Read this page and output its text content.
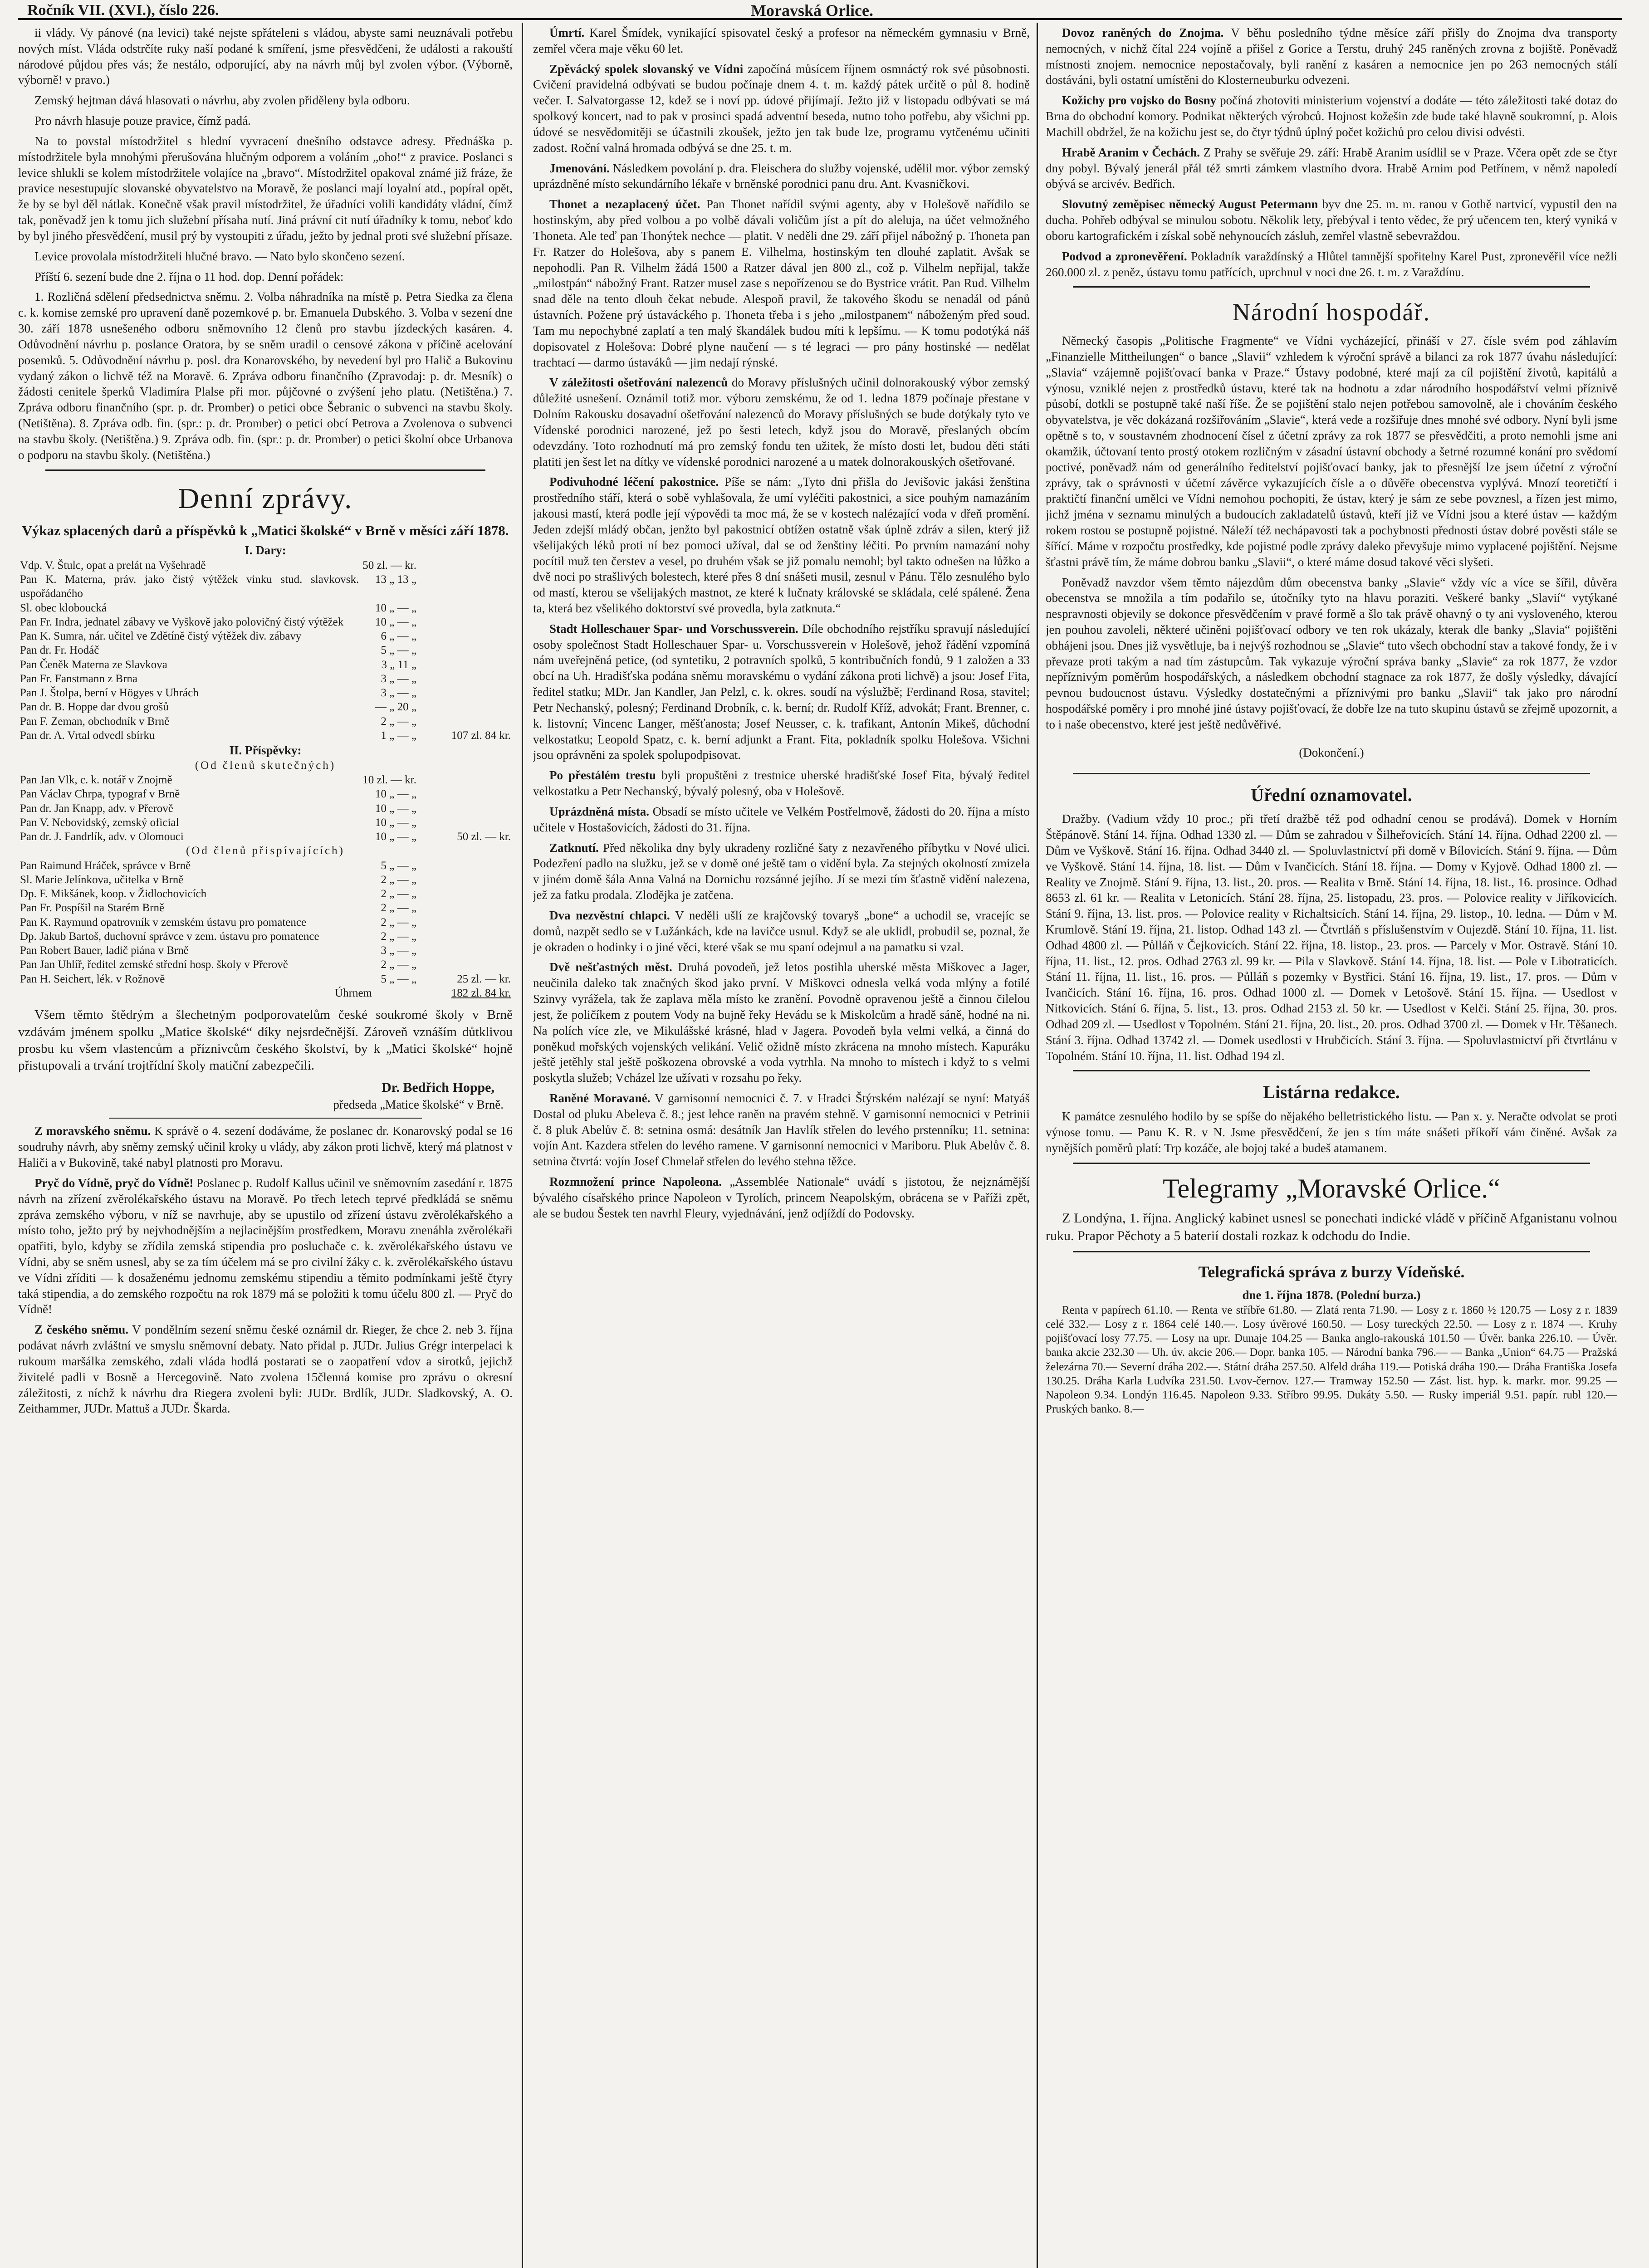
Ročník VII. (XVI.), číslo 226.	Moravská Orlice.

ii vlády. Vy pánové (na levici) také nejste spřáteleni s vládou, abyste sami neuznávali potřebu nových míst. Vláda odstrčíte ruky naší podané k smíření, jsme přesvědčeni, že události a rakouští národové půjdou přes vás; že nestálo, odporující, aby na návrh můj byl zvolen výbor. (Výborně, výborně! v pravo.)

Zemský hejtman dává hlasovati o návrhu, aby zvolen přiděleny byla odboru.

Pro návrh hlasuje pouze pravice, čímž padá.

Na to povstal místodržitel s hlední vyvracení dnešního odstavce adresy. Přednáška p. místodržitele byla mnohými přerušována hlučným odporem a voláním „oho!“ z pravice. Poslanci s levice shlukli se kolem místodržitele volajíce na „bravo“. Místodržitel opakoval známé již fráze, že pravice nesestupujíc slovanské obyvatelstvo na Moravě, že poslanci mají loyalní atd., popíral opět, že by se byl děl nátlak. Konečně však pravil místodržitel, že úřadníci volili kandidáty vládní, čímž tak, poněvadž jen k tomu jich služební přísaha nutí. Jiná právní cit nutí úřadníky k tomu, neboť kdo by byl jiného přesvědčení, musil prý by vystoupiti z úřadu, ježto by jednal proti své služební přísaze.

Levice provolala místodržiteli hlučné bravo. — Nato bylo skončeno sezení.

Příští 6. sezení bude dne 2. října o 11 hod. dop. Denní pořádek:

1. Rozličná sdělení předsednictva sněmu. 2. Volba náhradníka na místě p. Petra Siedka za člena c. k. komise zemské pro upravení daně pozemkové p. br. Emanuela Dubského. 3. Volba v sezení dne 30. září 1878 usnešeného odboru sněmovního 12 členů pro stavbu jízdeckých kasáren. 4. Odůvodnění návrhu p. poslance Oratora, by se sněm uradil o censové zákona v příčině acelování posemků. 5. Odůvodnění návrhu p. posl. dra Konarovského, by nevedení byl pro Halič a Bukovinu vydaný zákon o lichvě též na Moravě. 6. Zpráva odboru finančního (Zpravodaj: p. dr. Mesník) o žádosti cenitele šperků Vladimíra Plalse při mor. půjčovné o zvýšení jeho platu. (Netištěna.) 7. Zpráva odboru finančního (spr. p. dr. Promber) o petici obce Šebranic o subvenci na stavbu školy. (Netištěna). 8. Zpráva odb. fin. (spr.: p. dr. Promber) o petici obcí Petrova a Zvolenova o subvenci na stavbu školy. (Netištěna.) 9. Zpráva odb. fin. (spr.: p. dr. Promber) o petici školní obce Urbanova o podporu na stavbu školy. (Netištěna.)

Denní zprávy.
Výkaz splacených darů a příspěvků k „Matici školské“ v Brně v měsíci září 1878.
I. Dary:
Vdp. V. Štulc, opat a prelát na Vyšehradě	50 zl. — kr.	
Pan K. Materna, práv. jako čistý výtěžek vinku stud. slavkovsk. uspořádaného	13 „ 13 „	
Sl. obec kloboucká	10 „ — „	
Pan Fr. Indra, jednatel zábavy ve Vyškově jako polovičný čistý výtěžek	10 „ — „	
Pan K. Sumra, nár. učitel ve Zdětíně čistý výtěžek div. zábavy	6 „ — „	
Pan dr. Fr. Hodáč	5 „ — „	
Pan Čeněk Materna ze Slavkova	3 „ 11 „	
Pan Fr. Fanstmann z Brna	3 „ — „	
Pan J. Štolpa, berní v Högyes v Uhrách	3 „ — „	
Pan dr. B. Hoppe dar dvou grošů	— „ 20 „	
Pan F. Zeman, obchodník v Brně	2 „ — „	
Pan dr. A. Vrtal odvedl sbírku	1 „ — „	107 zl. 84 kr.
II. Příspěvky:
(Od členů skutečných)
Pan Jan Vlk, c. k. notář v Znojmě	10 zl. — kr.	
Pan Václav Chrpa, typograf v Brně	10 „ — „	
Pan dr. Jan Knapp, adv. v Přerově	10 „ — „	
Pan V. Nebovidský, zemský oficial	10 „ — „	
Pan dr. J. Fandrlík, adv. v Olomouci	10 „ — „	50 zl. — kr.
(Od členů přispívajících)
Pan Raimund Hráček, správce v Brně	5 „ — „	
Sl. Marie Jelínkova, učitelka v Brně	2 „ — „	
Dp. F. Mikšánek, koop. v Židlochovicích	2 „ — „	
Pan Fr. Pospíšil na Starém Brně	2 „ — „	
Pan K. Raymund opatrovník v zemském ústavu pro pomatence	2 „ — „	
Dp. Jakub Bartoš, duchovní správce v zem. ústavu pro pomatence	2 „ — „	
Pan Robert Bauer, ladič piána v Brně	3 „ — „	
Pan Jan Uhlíř, ředitel zemské střední hosp. školy v Přerově	2 „ — „	
Pan H. Seichert, lék. v Rožnově	5 „ — „	25 zl. — kr.
Úhrnem		182 zl. 84 kr.

Všem těmto štědrým a šlechetným podporovatelům české soukromé školy v Brně vzdávám jménem spolku „Matice školské“ díky nejsrdečnější. Zároveň vznáším důtklivou prosbu ku všem vlastencům a příznivcům českého školství, by k „Matici školské“ hojně přistupovali a trvání trojtřídní školy matiční zabezpečili.

Dr. Bedřich Hoppe,
předseda „Matice školské“ v Brně.

Z moravského sněmu. K správě o 4. sezení dodáváme, že poslanec dr. Konarovský podal se 16 soudruhy návrh, aby sněmy zemský učinil kroky u vlády, aby zákon proti lichvě, který má platnost v Haliči a v Bukovině, také nabyl platnosti pro Moravu.

Pryč do Vídně, pryč do Vídně! Poslanec p. Rudolf Kallus učinil ve sněmovním zasedání r. 1875 návrh na zřízení zvěrolékařského ústavu na Moravě. Po třech letech teprvé předkládá se sněmu zpráva zemského výboru, v níž se navrhuje, aby se upustilo od zřízení ústavu zvěrolékařského a místo toho, ježto prý by nejvhodnějším a nejlacinějším prostředkem, Moravu znenáhla zvěrolékaři opatřiti, bylo, kdyby se zřídila zemská stipendia pro posluchače c. k. zvěrolékařského ústavu ve Vídni, aby se sněm usnesl, aby se za tím účelem má se pro civilní žáky c. k. zvěrolékařského ústavu ve Vídni zříditi — k dosaženému jednomu zemskému stipendiu a těmito podmínkami ještě čtyry taká stipendia, a do zemského rozpočtu na rok 1879 má se položiti k tomu účelu 800 zl. — Pryč do Vídně!

Z českého sněmu. V pondělním sezení sněmu české oznámil dr. Rieger, že chce 2. neb 3. října podávat návrh zvláštní ve smyslu sněmovní debaty. Nato přidal p. JUDr. Julius Grégr interpelaci k rukoum maršálka zemského, zdali vláda hodlá postarati se o zaopatření vdov a sirotků, jejichž živitelé padli v Bosně a Hercegovině. Nato zvolena 15členná komise pro zprávu o okresní záležitosti, z níchž k návrhu dra Riegera zvoleni byli: JUDr. Brdlík, JUDr. Sladkovský, A. O. Zeithammer, JUDr. Mattuš a JUDr. Škarda.

Úmrtí. Karel Šmídek, vynikající spisovatel český a profesor na německém gymnasiu v Brně, zemřel včera maje věku 60 let.

Zpěvácký spolek slovanský ve Vídni započíná můsícem říjnem osmnáctý rok své působnosti. Cvičení pravidelná odbývati se budou počínaje dnem 4. t. m. každý pátek určitě o půl 8. hodině večer. I. Salvatorgasse 12, kdež se i noví pp. údové přijímají. Ježto již v listopadu odbývati se má spolkový koncert, nad to pak v prosinci spadá adventní beseda, nutno toho potřebu, aby všichni pp. údové se nesvědomitěji se účastnili zkoušek, ježto jen tak bude lze, programu vytčenému učiniti zadost. Roční valná hromada odbývá se dne 25. t. m.

Jmenování. Následkem povolání p. dra. Fleischera do služby vojenské, udělil mor. výbor zemský uprázdněné místo sekundárního lékaře v brněnské porodnici panu dru. Ant. Kvasničkovi.

Thonet a nezaplacený účet. Pan Thonet nařídil svými agenty, aby v Holešově nařídilo se hostinským, aby před volbou a po volbě dávali voličům jíst a pít do aleluja, na účet velmožného Thoneta. Ale teď pan Thonýtek nechce — platit. V neděli dne 29. září přijel nábožný p. Thoneta pan Fr. Ratzer do Holešova, aby s panem E. Vilhelma, hostinským ten dlouhé zaplatit. Avšak se nepohodli. Pan R. Vilhelm žádá 1500 a Ratzer dával jen 800 zl., což p. Vilhelm nepřijal, takže „milostpán“ nábožný Frant. Ratzer musel zase s nepořízenou se do Bystrice vrátit. Pan Rud. Vilhelm snad děle na tento dlouh čekat nebude. Alespoň pravil, že takového škodu se nenadál od pánů ústavních. Požene prý ústaváckého p. Thoneta třeba i s jeho „milostpanem“ náboženým před soud. Tam mu nepochybné zaplatí a ten malý škandálek budou míti k lepšímu. — K tomu podotýká náš dopisovatel z Holešova: Dobré plyne naučení — s té legraci — pro pány hostinské — nedělat trachtací — darmo ústaváků — jim nedají rýnské.

V záležitosti ošetřování nalezenců do Moravy příslušných učinil dolnorakouský výbor zemský důležité usnešení. Oznámil totiž mor. výboru zemskému, že od 1. ledna 1879 počínaje přestane v Dolním Rakousku dosavadní ošetřování nalezenců do Moravy příslušných se bude dotýkaly tyto ve Vídenské porodnici narozené, jež po šesti letech, když jsou do Moravě, přeslaných obcím odevzdány. Toto rozhodnutí má pro zemský fondu ten užitek, že místo dosti let, budou děti státi platiti jen šest let na dítky ve vídenské porodnici narozené a u matek dolnorakouských ošetřované.

Podivuhodné léčení pakostnice. Píše se nám: „Tyto dni přišla do Jevišovic jakási ženština prostředního stáří, která o sobě vyhlašovala, že umí vyléčiti pakostnici, a sice pouhým namazáním jakousi mastí, která podle její výpovědi ta moc má, že se v kostech nalézající voda v dřeň promění. Jeden zdejší mládý občan, jenžto byl pakostnicí obtížen ostatně však úplně zdráv a silen, který již všelijakých léků proti ní bez pomoci užíval, dal se od ženštiny léčiti. Po prvním namazání nohy pocítil muž ten čerstev a vesel, po druhém však se již pomalu nemohl; byl takto odnešen na lůžko a dvě noci po strašlivých bolestech, které přes 8 dní snášeti musil, zesnul v Pánu. Tělo zesnulého bylo od mastí, kterou se všelijakých mastnot, ze které k lučnaty královské se skládala, celé spálené. Žena ta, která bez všelikého doktorství své provedla, byla zatknuta.“

Stadt Holleschauer Spar- und Vorschussverein. Díle obchodního rejstříku spravují následující osoby společnost Stadt Holleschauer Spar- u. Vorschussverein v Holešově, jehož řádění vzpomíná nám uveřejněná petice, (od syntetiku, 2 potravních spolků, 5 kontribučních fondů, 9 1 založen a 33 obcí na Uh. Hradišťska podána sněmu moravskému o vydání zákona proti lichvě) a jsou: Josef Fita, ředitel statku; MDr. Jan Kandler, Jan Pelzl, c. k. okres. soudí na výslužbě; Ferdinand Rosa, stavitel; Petr Nechanský, polesný; Ferdinand Drobník, c. k. berní; dr. Rudolf Kříž, advokát; Frant. Brenner, c. k. listovní; Vincenc Langer, měšťanosta; Josef Neusser, c. k. trafikant, Antonín Mikeš, důchodní velkostatku; Leopold Spatz, c. k. berní adjunkt a Frant. Fita, pokladník spolku Holešova. Všichni jsou oprávněni za spolek spolupodpisovat.

Po přestálém trestu byli propuštěni z trestnice uherské hradišťské Josef Fita, bývalý ředitel velkostatku a Petr Nechanský, bývalý polesný, oba v Holešově.

Uprázdněná místa. Obsadí se místo učitele ve Velkém Postřelmově, žádosti do 20. října a místo učitele v Hostašovicích, žádosti do 31. října.

Zatknutí. Před několika dny byly ukradeny rozličné šaty z nezavřeného příbytku v Nové ulici. Podezření padlo na služku, jež se v domě oné ještě tam o vidění byla. Za stejných okolností zmizela v jiném domě šála Anna Valná na Dornichu rozsánné jejího. Jí se mezi tím šťastně vidění nalezena, jež za fatku prodala. Zlodějka je zatčena.

Dva nezvěstní chlapci. V neděli ušlí ze krajčovský tovaryš „bone“ a uchodil se, vracejíc se domů, nazpět sedlo se v Lužánkách, kde na lavičce usnul. Když se ale uklidl, probudil se, poznal, že je okraden o hodinky i o jiné věci, které však se mu spaní odejmul a na pamatku si vzal.

Dvě nešťastných měst. Druhá povodeň, jež letos postihla uherské města Miškovec a Jager, neučinila daleko tak značných škod jako první. V Miškovci odnesla velká voda mlýny a fotilé Szinvy vyrážela, tak že zaplava měla místo ke zranění. Povodně opravenou ještě a činnou čilelou jest, že poličíkem z poutem Vody na bujně řeky Hevádu se k Miskolcům a hradě sáně, hodné na ni. Na polích více zle, ve Mikulášské krásné, hlad v Jagera. Povodeň byla velmi velká, a činná do poněkud mořských vojenských velikání. Velič ožidně místo zkrácena na mnoho místech. Kapuráku ještě jetěhly stal ještě poškozena obrovské a voda vytrhla. Na mnoho to místech i když to s velmi poskytla služeb; Vcházel lze užívati v rozsahu po řeky.

Raněné Moravané. V garnisonní nemocnici č. 7. v Hradci Štýrském nalézají se nyní: Matyáš Dostal od pluku Abeleva č. 8.; jest lehce raněn na pravém stehně. V garnisonní nemocnici v Petrinii č. 8 pluk Abelův č. 8: setnina osmá: desátník Jan Havlík střelen do levého prstenníku; 11. setnina: vojín Ant. Kazdera střelen do levého ramene. V garnisonní nemocnici v Mariboru. Pluk Abelův č. 8. setnina čtvrtá: vojín Josef Chmelař střelen do levého stehna těžce.

Rozmnožení prince Napoleona. „Assemblée Nationale“ uvádí s jistotou, že nejznámější bývalého císařského prince Napoleon v Tyrolích, princem Neapolským, obrácena se v Paříži zpět, ale se budou Šestek ten navrhl Fleury, vyjednávání, jenž odjíždí do Podovsky.

Dovoz raněných do Znojma. V běhu posledního týdne měsíce září přišly do Znojma dva transporty nemocných, v nichž čítal 224 vojíně a přišel z Gorice a Terstu, druhý 245 raněných zrovna z bojiště. Poněvadž místnosti znojem. nemocnice nepostačovaly, byli ranění z kasáren a nemocnice jen po 263 nemocných stálí dostáváni, byli ostatní umístěni do Klosterneuburku odvezeni.

Kožichy pro vojsko do Bosny počíná zhotoviti ministerium vojenství a dodáte — této záležitosti také dotaz do Brna do obchodní komory. Podnikat některých výrobců. Hojnost kožešin zde bude také hlavně soukromní, p. Alois Machill obdržel, že na kožichu jest se, do čtyr týdnů úplný počet kožichů pro celou divisi odvésti.

Hrabě Aranim v Čechách. Z Prahy se svěřuje 29. září: Hrabě Aranim usídlil se v Praze. Včera opět zde se čtyr dny pobyl. Bývalý jenerál přál též smrti zámkem vlastního dvora. Hrabě Arnim pod Petřínem, v němž napoledí obývá se arcivév. Bedřich.

Slovutný zeměpisec německý August Petermann byv dne 25. m. m. ranou v Gothě nartvicí, vypustil den na ducha. Pohřeb odbýval se minulou sobotu. Několik lety, přebýval i tento vědec, že prý učencem ten, který vyniká v oboru kartografickém i získal sobě nehynoucích zásluh, zemřel vlastně sebevraždou.

Podvod a zpronevěření. Pokladník varaždínský a Hlůtel tamnější spořitelny Karel Pust, zpronevěřil více nežli 260.000 zl. z peněz, ústavu tomu patřících, uprchnul v noci dne 26. t. m. z Varaždínu.

Národní hospodář.

Německý časopis „Politische Fragmente“ ve Vídni vycházející, přináší v 27. čísle svém pod záhlavím „Finanzielle Mittheilungen“ o bance „Slavii“ vzhledem k výroční správě a bilanci za rok 1877 úvahu následující: „Slavia“ vzájemně pojišťovací banka v Praze.“ Ústavy podobné, které mají za cíl pojištění životů, kapitálů a výnosu, vzniklé nejen z prostředků ústavu, které tak na hodnotu a zdar národního hospodářství velmi příznivě působí, dotkli se postupně také naší říše. Že se pojištění stalo nejen potřebou samovolně, ale i chováním českého obyvatelstva, je věc dokázaná rozšiřováním „Slavie“, která vede a rozšiřuje dnes mnohé své odbory. Nyní byli jsme opětně s to, v soustavném zhodnocení čísel z účetní zprávy za rok 1877 se přesvědčiti, a proto nemohli jsme ani okamžik, účtovaní tento prostý otokem rozličným v zásadní ústavní obchody a šetrné rozumné konání pro svědomí poctivé, poněvadž nám od generálního ředitelství pojišťovací banky, jak to přesnější lze jsem účetní z výroční zprávy, tak o správnosti v účetní závěrce vykazujících čísle a o důvěře obecenstva vyplývá. Mnozí teoretičtí i praktičtí finanční umělci ve Vídni nemohou pochopiti, že ústav, který je sám ze sebe povznesl, a řízen jest mimo, jichž jména v seznamu minulých a budoucích zakladatelů ústavů, kteří již ve Vídni jsou a které ústav — každým rokem rostou se postupně pojistné. Náleží též nechápavosti tak a pochybnosti přednosti ústav dobré pověsti stále se šířící. Máme v rozpočtu prostředky, kde pojistné podle zprávy daleko převyšuje mimo vyplacené pojištění. Nejsme šťastni právě tím, že máme dobrou banku „Slavii“, o které máme dosud takové věci slyšeti.

Poněvadž navzdor všem těmto nájezdům dům obecenstva banky „Slavie“ vždy víc a více se šířil, důvěra obecenstva se množila a tím podařilo se, útočníky tyto na hlavu poraziti. Veškeré banky „Slavií“ vytýkané nespravnosti objevily se dokonce přesvědčením v pravé formě a šlo tak právě ohavný o ty ani vysloveného, kterou jen pouhou zavoleli, některé učiněni pojišťovací odbory ve ten rok ukázaly, kterak dle banky „Slavia“ pojištěni obhájeni jsou. Dnes již vysvětluje, ba i nejvýš rozhodnou se „Slavie“ tuto všech obchodní stav a takové fondy, že i v převaze proti takým a nad tím zástupcům. Tak vykazuje výroční správa banky „Slavie“ za rok 1877, že vzdor nepříznivým poměrům hospodářských, a následkem obchodní stagnace za rok 1877, že došly výsledky, dávající pevnou budoucnost ústavu. Výsledky dostatečnými a příznivými pro banku „Slavii“ tak jako pro národní hospodářské poměry i pro mnohé jiné ústavy pojišťovací, že dobře lze na tuto skupinu ústavů se zřejmě upozornit, a to i naše obecenstvo, které jest ještě nedůvěřivé.

(Dokončení.)

Úřední oznamovatel.

Dražby. (Vadium vždy 10 proc.; při třetí dražbě též pod odhadní cenou se prodává). Domek v Horním Štěpánově. Stání 14. října. Odhad 1330 zl. — Dům se zahradou v Šilheřovicích. Stání 14. října. Odhad 2200 zl. — Dům ve Vyškově. Stání 16. října. Odhad 3440 zl. — Spoluvlastnictví při domě v Bílovicích. Stání 9. října. — Dům ve Vyškově. Stání 14. října, 18. list. — Dům v Ivančicích. Stání 18. října. — Domy v Kyjově. Odhad 1800 zl. — Reality ve Znojmě. Stání 9. října, 13. list., 20. pros. — Realita v Brně. Stání 14. října, 18. list., 16. prosince. Odhad 8653 zl. 61 kr. — Realita v Letonicích. Stání 28. října, 25. listopadu, 23. pros. — Polovice reality v Jiříkovicích. Stání 9. října, 13. list. pros. — Polovice reality v Richaltsicích. Stání 14. října, 29. listop., 10. ledna. — Dům v M. Krumlově. Stání 19. října, 21. listop. Odhad 143 zl. — Čtvrtláň s příslušenstvím v Oujezdě. Stání 10. října, 11. list. Odhad 4800 zl. — Půlláň v Čejkovicích. Stání 22. října, 18. listop., 23. pros. — Parcely v Mor. Ostravě. Stání 10. října, 11. list., 12. pros. Odhad 2763 zl. 99 kr. — Pila v Slavkově. Stání 14. října, 18. list. — Pole v Libotraticích. Stání 11. října, 11. list., 16. pros. — Půlláň s pozemky v Bystřici. Stání 16. října, 19. list., 17. pros. — Dům v Ivančicích. Stání 16. října, 16. pros. Odhad 1000 zl. — Domek v Letošově. Stání 15. října. — Usedlost v Nitkovicích. Stání 6. října, 5. list., 13. pros. Odhad 2153 zl. 50 kr. — Usedlost v Kelči. Stání 25. října, 30. pros. Odhad 209 zl. — Usedlost v Topolném. Stání 21. října, 20. list., 20. pros. Odhad 3700 zl. — Domek v Hr. Těšanech. Stání 3. října. Odhad 13742 zl. — Domek usedlosti v Hrubčicích. Stání 3. října. — Spoluvlastnictví při čtvrtlánu v Topolném. Stání 10. října, 11. list. Odhad 194 zl.

Listárna redakce.

K památce zesnulého hodilo by se spíše do nějakého belletristického listu. — Pan x. y. Neračte odvolat se proti výnose tomu. — Panu K. R. v N. Jsme přesvědčení, že jen s tím máte snášeti příkoří vám činěné. Avšak za nynějších poměrů platí: Trp kozáče, ale bojoj také a budeš atamanem.

Telegramy „Moravské Orlice.“

Z Londýna, 1. října. Anglický kabinet usnesl se ponechati indické vládě v příčině Afganistanu volnou ruku. Prapor Pěchoty a 5 baterií dostali rozkaz k odchodu do Indie.

Telegrafická správa z burzy Vídeňské.
dne 1. října 1878. (Polední burza.)

Renta v papírech 61.10. — Renta ve stříbře 61.80. — Zlatá renta 71.90. — Losy z r. 1860 ½ 120.75 — Losy z r. 1839 celé 332.— Losy z r. 1864 celé 140.—. Losy úvěrové 160.50. — Losy tureckých 22.50. — Losy z r. 1874 —. Kruhy pojišťovací losy 77.75. — Losy na upr. Dunaje 104.25 — Banka anglo-rakouská 101.50 — Úvěr. banka 226.10. — Úvěr. banka akcie 232.30 — Uh. úv. akcie 206.— Dopr. banka 105. — Národní banka 796.— — Banka „Union“ 64.75 — Pražská železárna 70.— Severní dráha 202.—. Státní dráha 257.50. Alfeld dráha 119.— Potiská dráha 190.— Dráha Františka Josefa 130.25. Dráha Karla Ludvíka 231.50. Lvov-černov. 127.— Tramway 152.50 — Zást. list. hyp. k. markr. mor. 99.25 — Napoleon 9.34. Londýn 116.45. Napoleon 9.33. Stříbro 99.95. Dukáty 5.50. — Rusky imperiál 9.51. papír. rubl 120.— Pruských banko. 8.—
